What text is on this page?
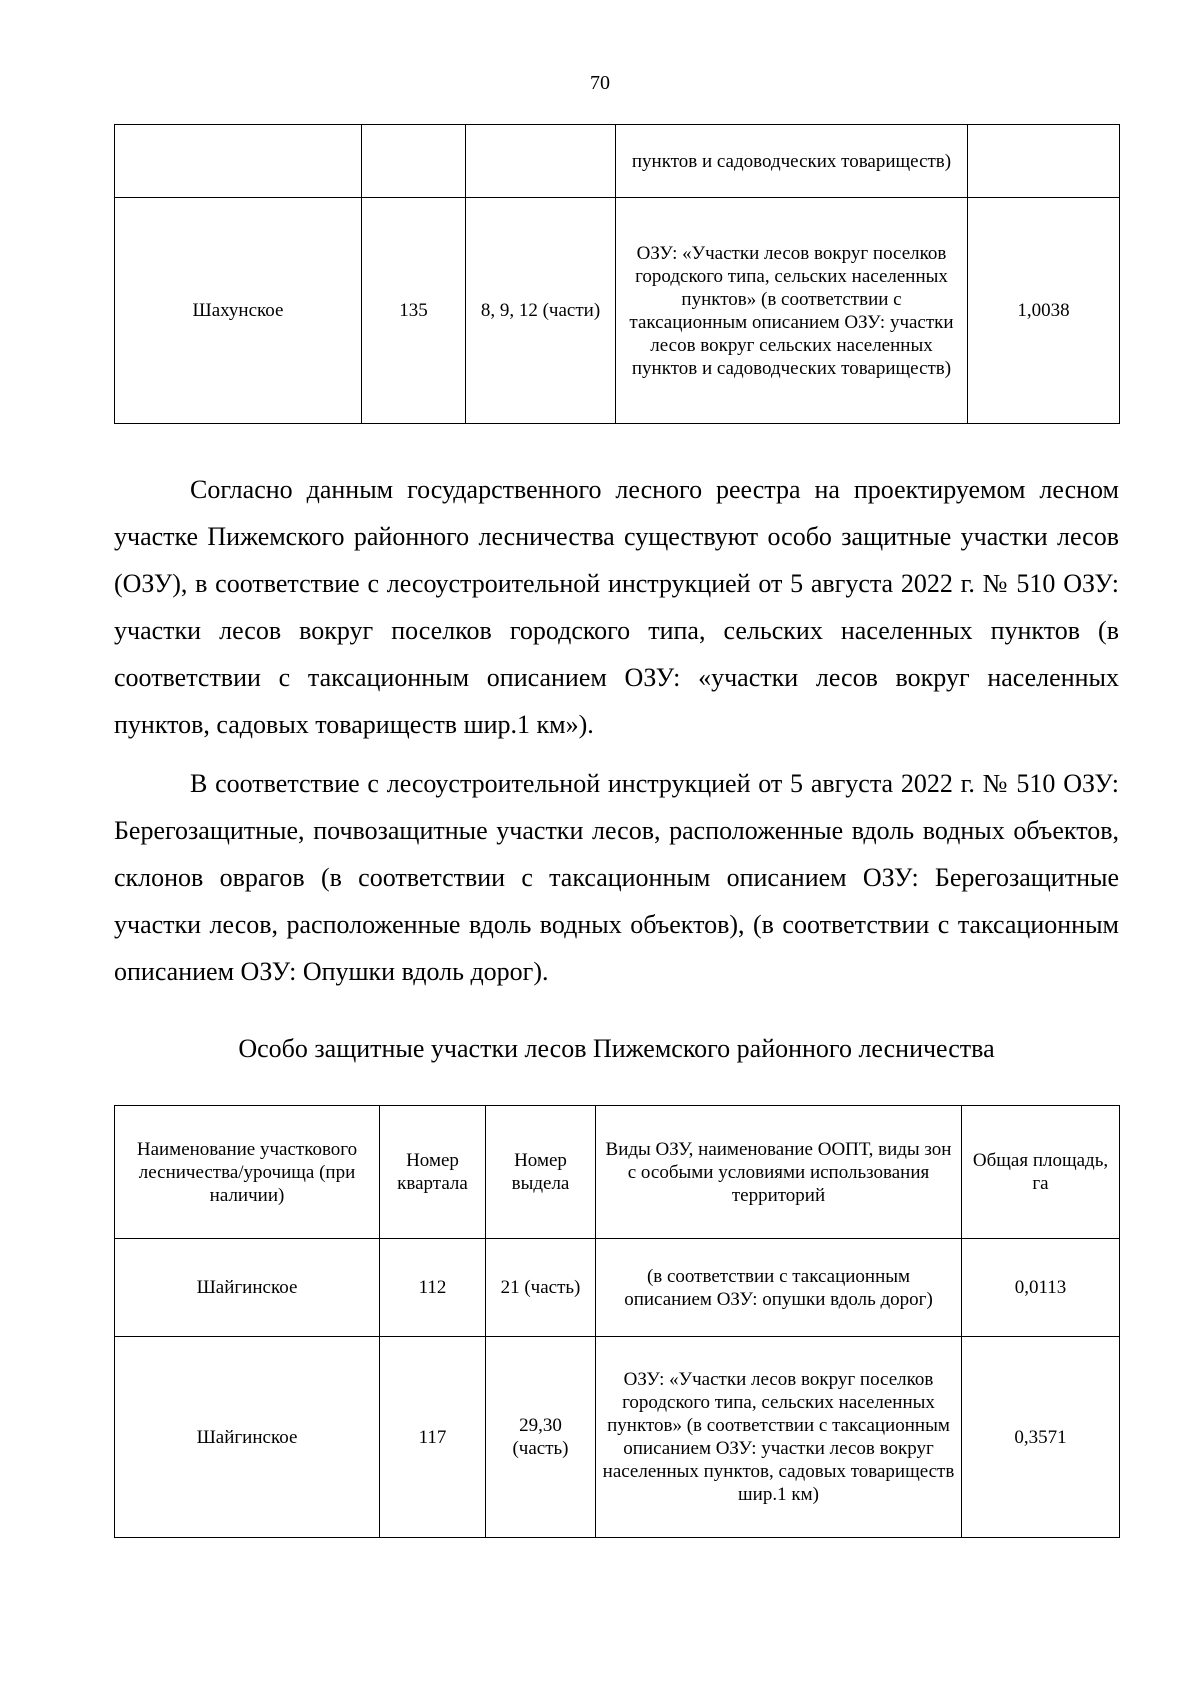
70
			пунктов и садоводческих товариществ)	
Шахунское	135	8, 9, 12 (части)	ОЗУ: «Участки лесов вокруг поселков городского типа, сельских населенных пунктов» (в соответствии с таксационным описанием ОЗУ: участки лесов вокруг сельских населенных пунктов и садоводческих товариществ)	1,0038

Согласно данным государственного лесного реестра на проектируемом лесном участке Пижемского районного лесничества существуют особо защитные участки лесов (ОЗУ), в соответствие с лесоустроительной инструкцией от 5 августа 2022 г. № 510 ОЗУ: участки лесов вокруг поселков городского типа, сельских населенных пунктов (в соответствии с таксационным описанием ОЗУ: «участки лесов вокруг населенных пунктов, садовых товариществ шир.1 км»).

В соответствие с лесоустроительной инструкцией от 5 августа 2022 г. № 510 ОЗУ: Берегозащитные, почвозащитные участки лесов, расположенные вдоль водных объектов, склонов оврагов (в соответствии с таксационным описанием ОЗУ: Берегозащитные участки лесов, расположенные вдоль водных объектов), (в соответствии с таксационным описанием ОЗУ: Опушки вдоль дорог).

Особо защитные участки лесов Пижемского районного лесничества
Наименование участкового лесничества/урочища (при наличии)	Номер квартала	Номер выдела	Виды ОЗУ, наименование ООПТ, виды зон с особыми условиями использования территорий	Общая площадь, га
Шайгинское	112	21 (часть)	(в соответствии с таксационным описанием ОЗУ: опушки вдоль дорог)	0,0113
Шайгинское	117	29,30 (часть)	ОЗУ: «Участки лесов вокруг поселков городского типа, сельских населенных пунктов» (в соответствии с таксационным описанием ОЗУ: участки лесов вокруг населенных пунктов, садовых товариществ шир.1 км)	0,3571
